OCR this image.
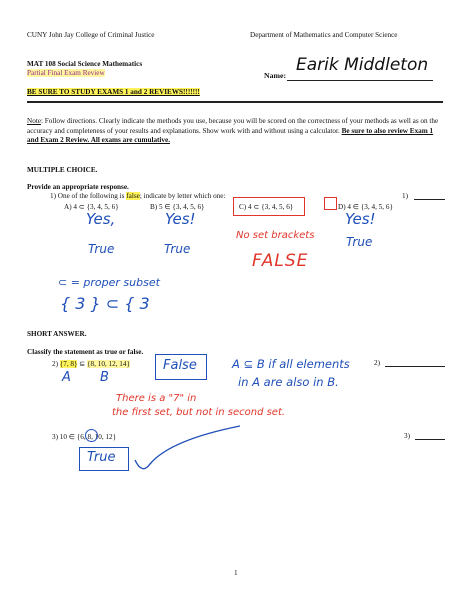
CUNY John Jay College of Criminal Justice	Department of Mathematics and Computer Science
MAT 108 Social Science Mathematics
Partial Final Exam Review	Name:
Earik Middleton
BE SURE TO STUDY EXAMS 1 and 2 REVIEWS!!!!!!!
Note: Follow directions. Clearly indicate the methods you use, because you will be scored on the correctness of your methods as well as on the accuracy and completeness of your results and explanations. Show work with and without using a calculator. Be sure to also review Exam 1 and Exam 2 Review. All exams are cumulative.
MULTIPLE CHOICE.
Provide an appropriate response.
1) One of the following is false; indicate by letter which one:	1)
A) 4 ⊂ {3, 4, 5, 6}	B) 5 ∈ {3, 4, 5, 6}	C) 4 ⊂ {3, 4, 5, 6}	D) 4 ∈ {3, 4, 5, 6}
Yes,
True
Yes!
True
No set brackets
FALSE
Yes!
True
⊂ = proper subset
{ 3 } ⊂ { 3
SHORT ANSWER.
Classify the statement as true or false.
2) {7, 8} ⊆ {8, 10, 12, 14}	2)
A B
False	A ⊆ B if all elements
in A are also in B.
There is a "7" in
the first set, but not in second set.
3) 10 ∈ {6, 8, 10, 12}	3)
True
1
